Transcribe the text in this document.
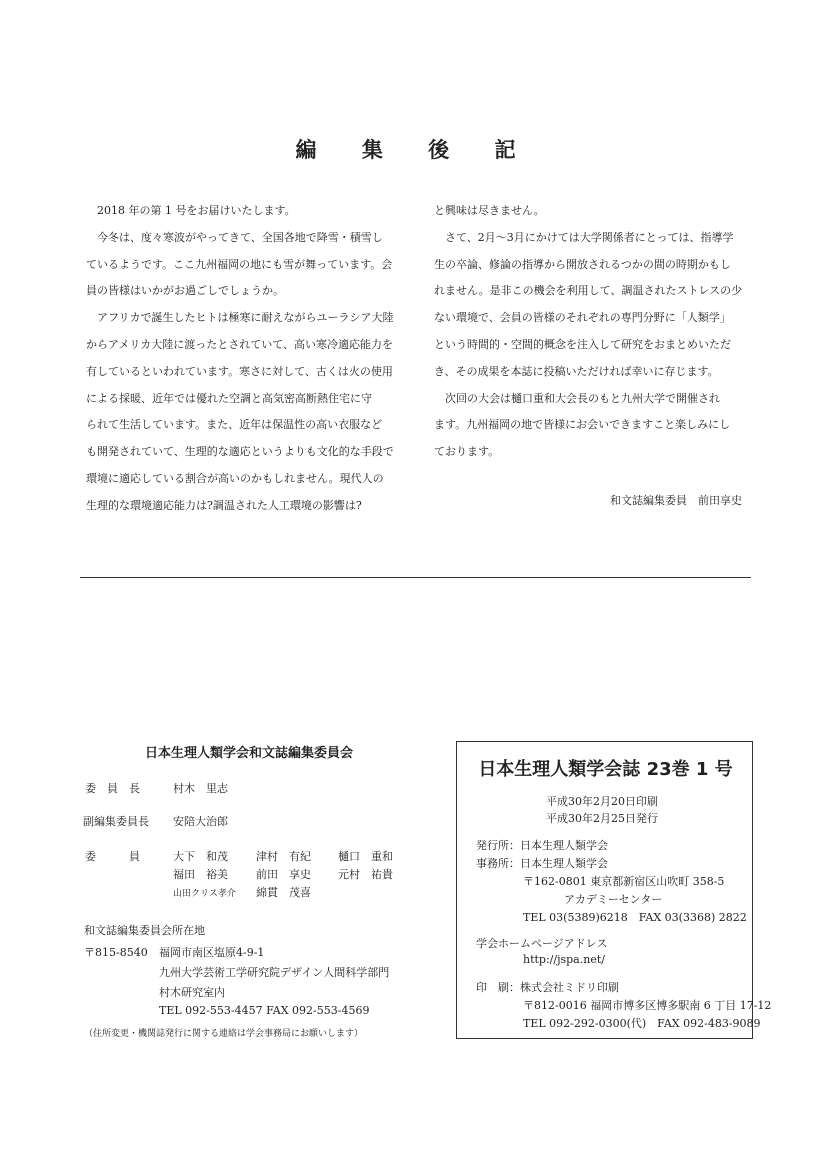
編 集 後 記

　2018 年の第 1 号をお届けいたします。

　今冬は、度々寒波がやってきて、全国各地で降雪・積雪し

ているようです。ここ九州福岡の地にも雪が舞っています。会

員の皆様はいかがお過ごしでしょうか。

　アフリカで誕生したヒトは極寒に耐えながらユーラシア大陸

からアメリカ大陸に渡ったとされていて、高い寒冷適応能力を

有しているといわれています。寒さに対して、古くは火の使用

による採暖、近年では優れた空調と高気密高断熱住宅に守

られて生活しています。また、近年は保温性の高い衣服など

も開発されていて、生理的な適応というよりも文化的な手段で

環境に適応している割合が高いのかもしれません。現代人の

生理的な環境適応能力は?調温された人工環境の影響は?

と興味は尽きません。

　さて、2月～3月にかけては大学関係者にとっては、指導学

生の卒論、修論の指導から開放されるつかの間の時期かもし

れません。是非この機会を利用して、調温されたストレスの少

ない環境で、会員の皆様のそれぞれの専門分野に「人類学」

という時間的・空間的概念を注入して研究をおまとめいただ

き、その成果を本誌に投稿いただければ幸いに存じます。

　次回の大会は樋口重和大会長のもと九州大学で開催され

ます。九州福岡の地で皆様にお会いできますこと楽しみにし

ております。

和文誌編集委員　前田享史
日本生理人類学会和文誌編集委員会
委　員　長	村木　里志
副編集委員長 安陪大治郎
委　　　員	大下　和茂	津村　有紀 樋口　重和
福田　裕美	前田　享史 元村　祐貴
山田クリス孝介 綿貫　茂喜
和文誌編集委員会所在地
〒815-8540 福岡市南区塩原4-9-1
九州大学芸術工学研究院デザイン人間科学部門
村木研究室内
TEL 092-553-4457 FAX 092-553-4569
（住所変更・機関誌発行に関する連絡は学会事務局にお願いします）
日本生理人類学会誌 23巻 1 号
平成30年2月20日印刷
平成30年2月25日発行
発行所：日本生理人類学会
事務所：日本生理人類学会
〒162-0801 東京都新宿区山吹町 358-5
アカデミーセンター
TEL 03(5389)6218　FAX 03(3368) 2822
学会ホームページアドレス
http://jspa.net/
印　刷：株式会社ミドリ印刷
〒812-0016 福岡市博多区博多駅南 6 丁目 17-12
TEL 092-292-0300(代)　FAX 092-483-9089
